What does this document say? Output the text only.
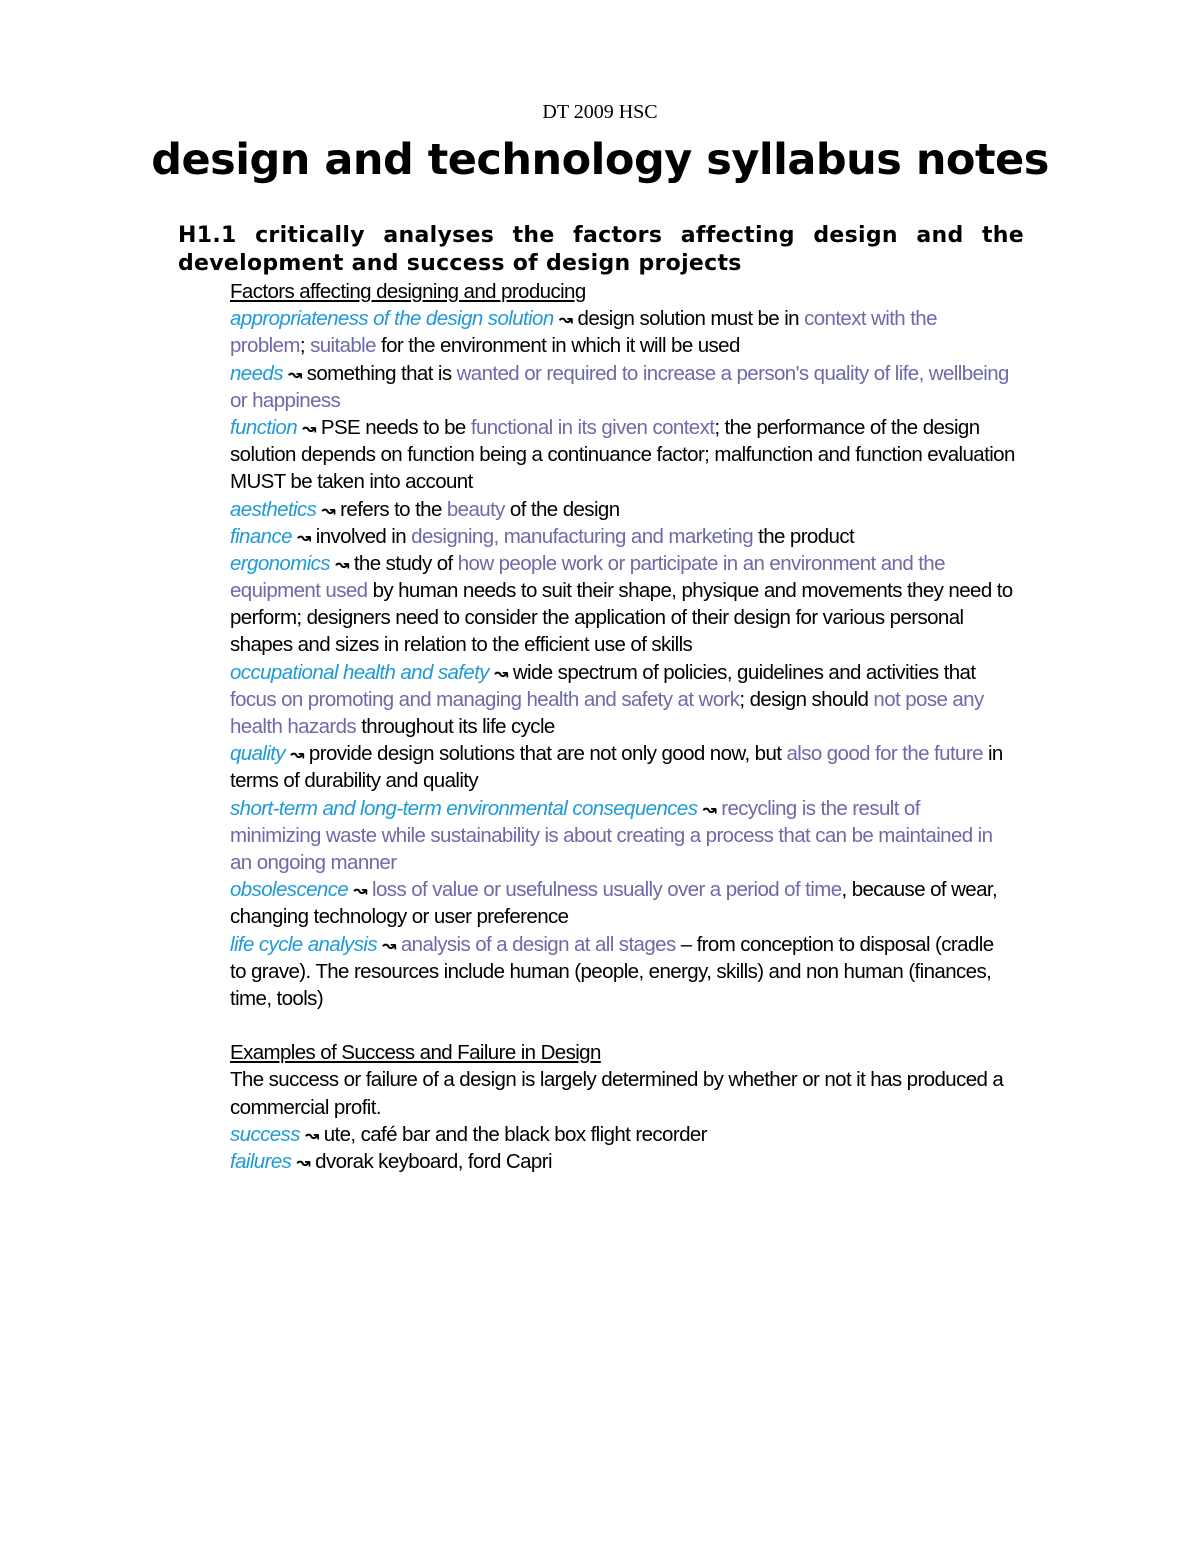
DT 2009 HSC
design and technology syllabus notes
H1.1 critically analyses the factors affecting design and the development and success of design projects
Factors affecting designing and producing
appropriateness of the design solution ↝ design solution must be in context with the
problem; suitable for the environment in which it will be used
needs ↝ something that is wanted or required to increase a person's quality of life, wellbeing
or happiness
function ↝ PSE needs to be functional in its given context; the performance of the design
solution depends on function being a continuance factor; malfunction and function evaluation
MUST be taken into account
aesthetics ↝ refers to the beauty of the design
finance ↝ involved in designing, manufacturing and marketing the product
ergonomics ↝ the study of how people work or participate in an environment and the
equipment used by human needs to suit their shape, physique and movements they need to
perform; designers need to consider the application of their design for various personal
shapes and sizes in relation to the efficient use of skills
occupational health and safety ↝ wide spectrum of policies, guidelines and activities that
focus on promoting and managing health and safety at work; design should not pose any
health hazards throughout its life cycle
quality ↝ provide design solutions that are not only good now, but also good for the future in
terms of durability and quality
short-term and long-term environmental consequences ↝ recycling is the result of
minimizing waste while sustainability is about creating a process that can be maintained in
an ongoing manner
obsolescence ↝ loss of value or usefulness usually over a period of time, because of wear,
changing technology or user preference
life cycle analysis ↝ analysis of a design at all stages – from conception to disposal (cradle
to grave). The resources include human (people, energy, skills) and non human (finances,
time, tools)
Examples of Success and Failure in Design
The success or failure of a design is largely determined by whether or not it has produced a
commercial profit.
success ↝ ute, café bar and the black box flight recorder
failures ↝ dvorak keyboard, ford Capri
